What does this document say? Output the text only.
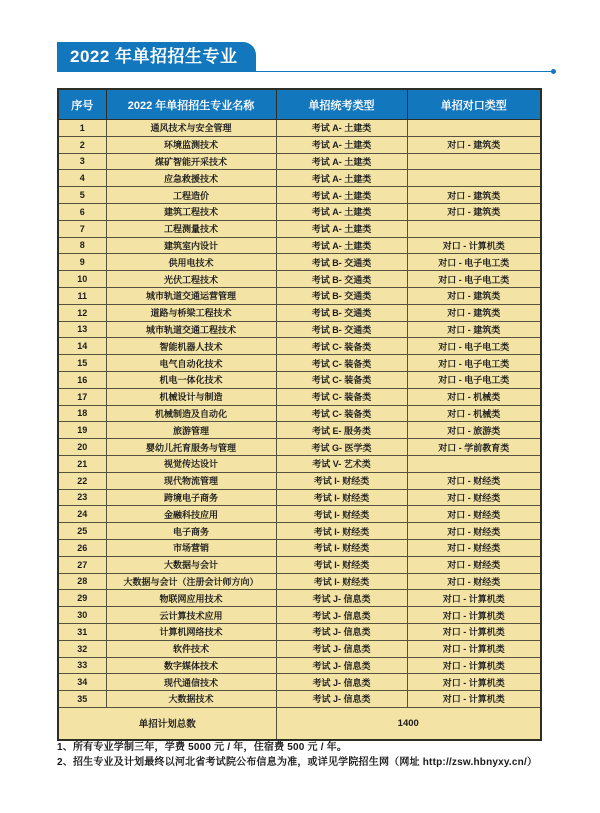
2022 年单招招生专业
序号	2022 年单招招生专业名称	单招统考类型	单招对口类型
1	通风技术与安全管理	考试 A- 土建类	
2	环境监测技术	考试 A- 土建类	对口 - 建筑类
3	煤矿智能开采技术	考试 A- 土建类	
4	应急救援技术	考试 A- 土建类	
5	工程造价	考试 A- 土建类	对口 - 建筑类
6	建筑工程技术	考试 A- 土建类	对口 - 建筑类
7	工程测量技术	考试 A- 土建类	
8	建筑室内设计	考试 A- 土建类	对口 - 计算机类
9	供用电技术	考试 B- 交通类	对口 - 电子电工类
10	光伏工程技术	考试 B- 交通类	对口 - 电子电工类
11	城市轨道交通运营管理	考试 B- 交通类	对口 - 建筑类
12	道路与桥梁工程技术	考试 B- 交通类	对口 - 建筑类
13	城市轨道交通工程技术	考试 B- 交通类	对口 - 建筑类
14	智能机器人技术	考试 C- 装备类	对口 - 电子电工类
15	电气自动化技术	考试 C- 装备类	对口 - 电子电工类
16	机电一体化技术	考试 C- 装备类	对口 - 电子电工类
17	机械设计与制造	考试 C- 装备类	对口 - 机械类
18	机械制造及自动化	考试 C- 装备类	对口 - 机械类
19	旅游管理	考试 E- 服务类	对口 - 旅游类
20	婴幼儿托育服务与管理	考试 G- 医学类	对口 - 学前教育类
21	视觉传达设计	考试 V- 艺术类	
22	现代物流管理	考试 I- 财经类	对口 - 财经类
23	跨境电子商务	考试 I- 财经类	对口 - 财经类
24	金融科技应用	考试 I- 财经类	对口 - 财经类
25	电子商务	考试 I- 财经类	对口 - 财经类
26	市场营销	考试 I- 财经类	对口 - 财经类
27	大数据与会计	考试 I- 财经类	对口 - 财经类
28	大数据与会计（注册会计师方向）	考试 I- 财经类	对口 - 财经类
29	物联网应用技术	考试 J- 信息类	对口 - 计算机类
30	云计算技术应用	考试 J- 信息类	对口 - 计算机类
31	计算机网络技术	考试 J- 信息类	对口 - 计算机类
32	软件技术	考试 J- 信息类	对口 - 计算机类
33	数字媒体技术	考试 J- 信息类	对口 - 计算机类
34	现代通信技术	考试 J- 信息类	对口 - 计算机类
35	大数据技术	考试 J- 信息类	对口 - 计算机类
单招计划总数		1400	
1、所有专业学制三年，学费 5000 元 / 年，住宿费 500 元 / 年。
2、招生专业及计划最终以河北省考试院公布信息为准，或详见学院招生网（网址 http://zsw.hbnyxy.cn/）
